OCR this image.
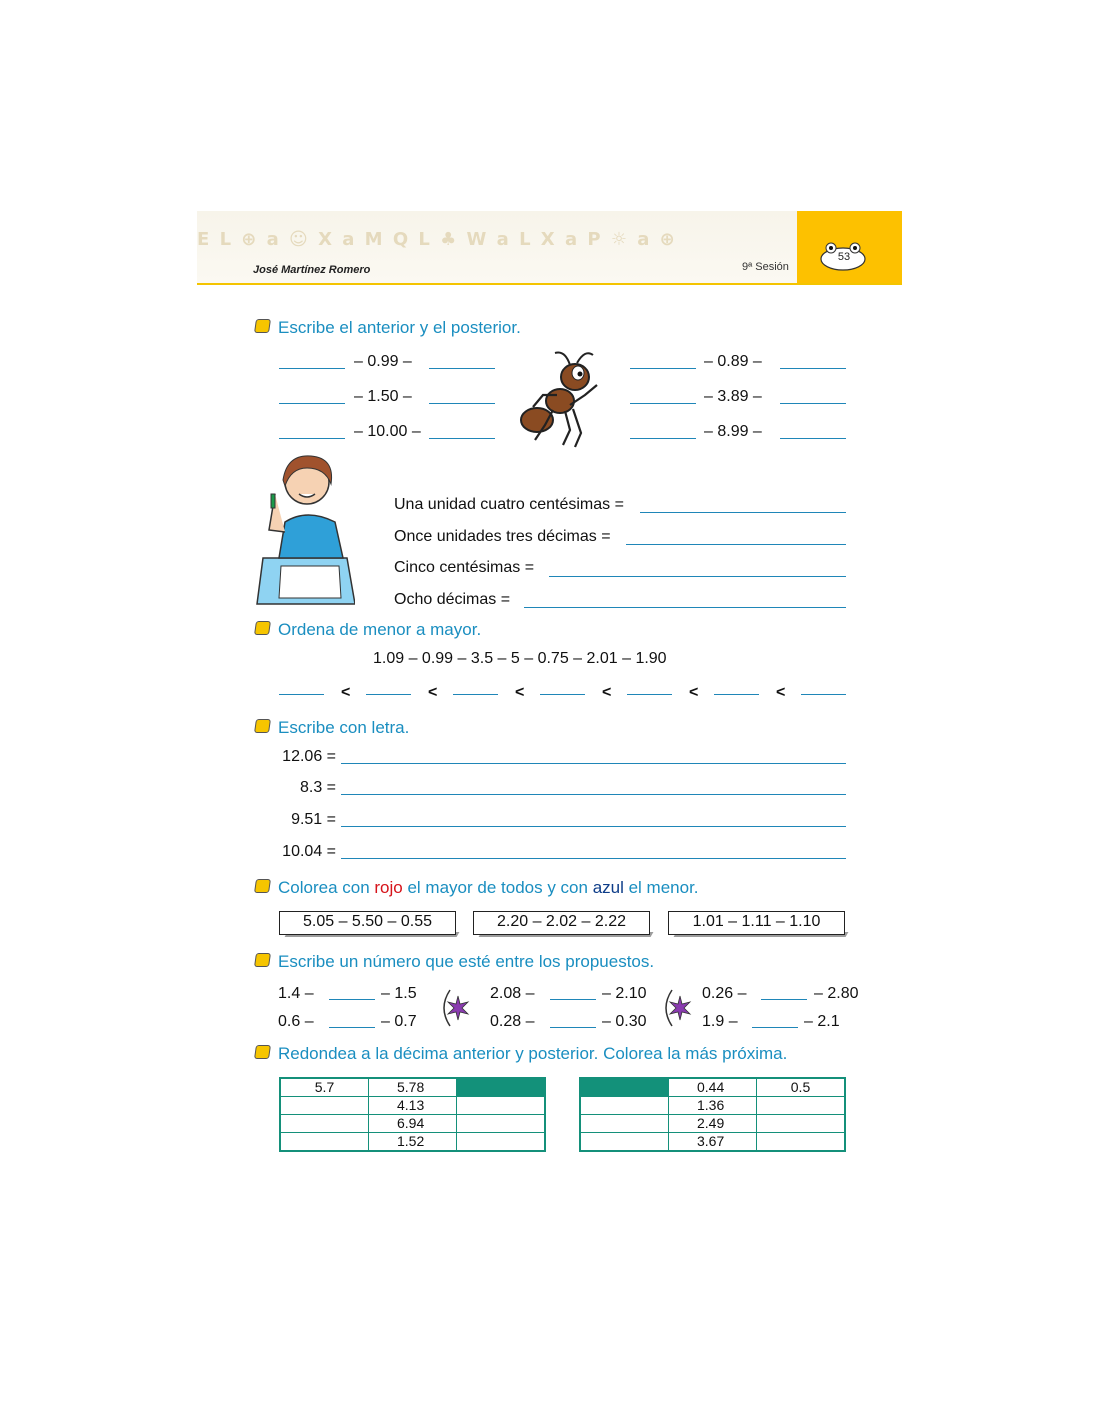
E L ⊕ a ☺ X a M Q L ♣ W a L X a P ☼ a ⊕
José Martínez Romero	9ª Sesión
53
Escribe el anterior y el posterior.
– 0.99 –
– 1.50 –
– 10.00 –
– 0.89 –
– 3.89 –
– 8.99 –
Una unidad cuatro centésimas =
Once unidades tres décimas =
Cinco centésimas =
Ocho décimas =
Ordena de menor a mayor.
1.09 – 0.99 – 3.5 – 5 – 0.75 – 2.01 – 1.90
<	<	<	<	<	<
Escribe con letra.
12.06 =
8.3 =
9.51 =
10.04 =
Colorea con rojo el mayor de todos y con azul el menor.
5.05 – 5.50 – 0.55	2.20 – 2.02 – 2.22	1.01 – 1.11 – 1.10
Escribe un número que esté entre los propuestos.
1.4 –	– 1.5
0.6 –	– 0.7
2.08 –	– 2.10
0.28 –	– 0.30
0.26 –	– 2.80
1.9 –	– 2.1
Redondea a la décima anterior y posterior. Colorea la más próxima.
5.7	5.78	
	4.13	
	6.94	
	1.52	
	0.44	0.5
	1.36	
	2.49	
	3.67	
